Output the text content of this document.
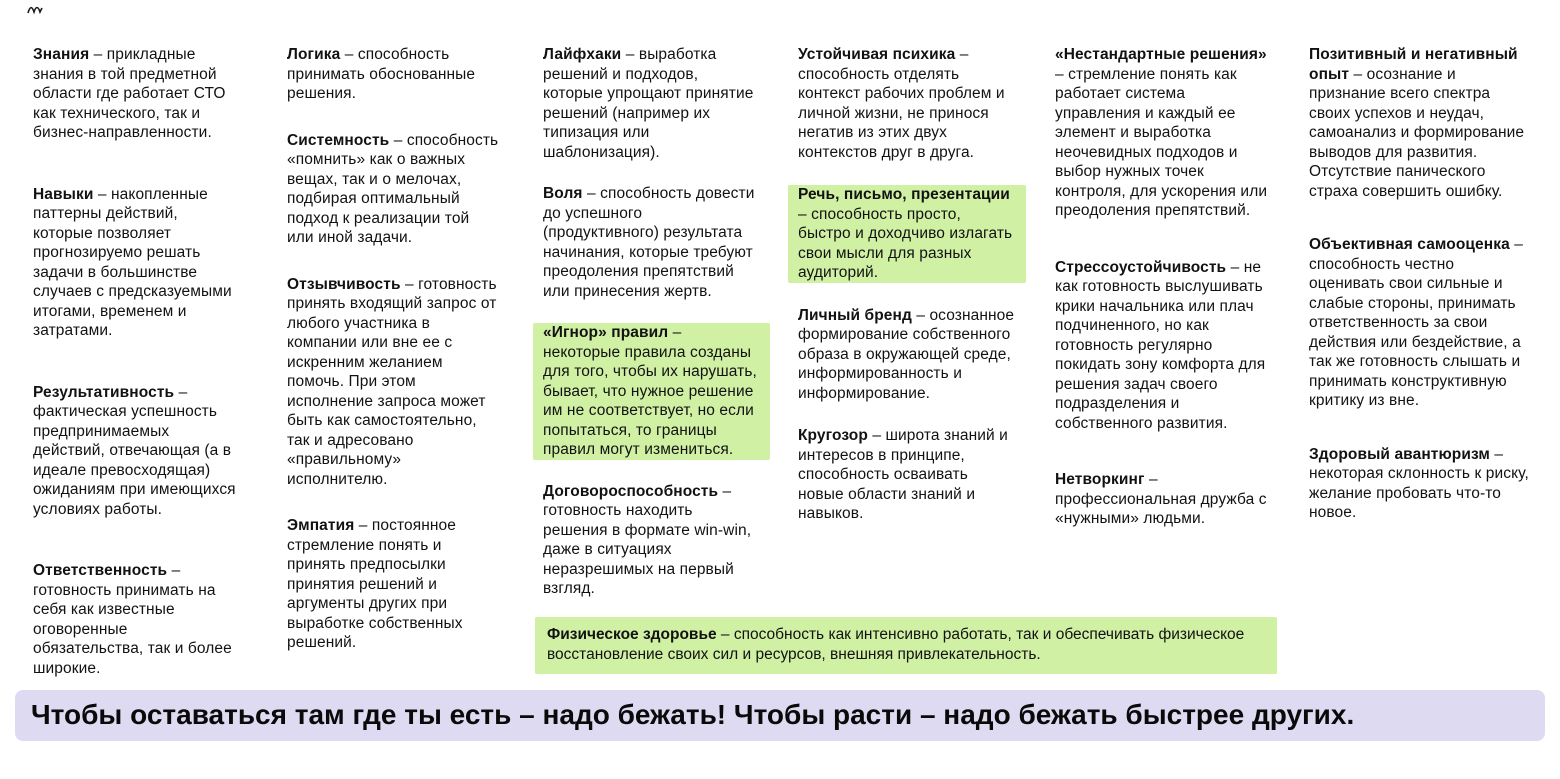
Знания – прикладные знания в той предметной области где работает СТО как технического, так и бизнес-направленности.
Навыки – накопленные паттерны действий, которые позволяет прогнозируемо решать задачи в большинстве случаев с предсказуемыми итогами, временем и затратами.
Результативность – фактическая успешность предпринимаемых действий, отвечающая (а в идеале превосходящая) ожиданиям при имеющихся условиях работы.
Ответственность – готовность принимать на себя как известные оговоренные обязательства, так и более широкие.
Логика – способность принимать обоснованные решения.
Системность – способность «помнить» как о важных вещах, так и о мелочах, подбирая оптимальный подход к реализации той или иной задачи.
Отзывчивость – готовность принять входящий запрос от любого участника в компании или вне ее с искренним желанием помочь. При этом исполнение запроса может быть как самостоятельно, так и адресовано «правильному» исполнителю.
Эмпатия – постоянное стремление понять и принять предпосылки принятия решений и аргументы других при выработке собственных решений.
Лайфхаки – выработка решений и подходов, которые упрощают принятие решений (например их типизация или шаблонизация).
Воля – способность довести до успешного (продуктивного) результата начинания, которые требуют преодоления препятствий или принесения жертв.
«Игнор» правил – некоторые правила созданы для того, чтобы их нарушать, бывает, что нужное решение им не соответствует, но если попытаться, то границы правил могут измениться.
Договороспособность – готовность находить решения в формате win-win, даже в ситуациях неразрешимых на первый взгляд.
Устойчивая психика – способность отделять контекст рабочих проблем и личной жизни, не принося негатив из этих двух контекстов друг в друга.
Речь, письмо, презентации – способность просто, быстро и доходчиво излагать свои мысли для разных аудиторий.
Личный бренд – осознанное формирование собственного образа в окружающей среде, информированность и информирование.
Кругозор – широта знаний и интересов в принципе, способность осваивать новые области знаний и навыков.
«Нестандартные решения» – стремление понять как работает система управления и каждый ее элемент и выработка неочевидных подходов и выбор нужных точек контроля, для ускорения или преодоления препятствий.
Стрессоустойчивость – не как готовность выслушивать крики начальника или плач подчиненного, но как готовность регулярно покидать зону комфорта для решения задач своего подразделения и собственного развития.
Нетворкинг – профессиональная дружба с «нужными» людьми.
Позитивный и негативный опыт – осознание и признание всего спектра своих успехов и неудач, самоанализ и формирование выводов для развития. Отсутствие панического страха совершить ошибку.
Объективная самооценка – способность честно оценивать свои сильные и слабые стороны, принимать ответственность за свои действия или бездействие, а так же готовность слышать и принимать конструктивную критику из вне.
Здоровый авантюризм – некоторая склонность к риску, желание пробовать что-то новое.
Физическое здоровье – способность как интенсивно работать, так и обеспечивать физическое восстановление своих сил и ресурсов, внешняя привлекательность.
Чтобы оставаться там где ты есть – надо бежать! Чтобы расти – надо бежать быстрее других.
